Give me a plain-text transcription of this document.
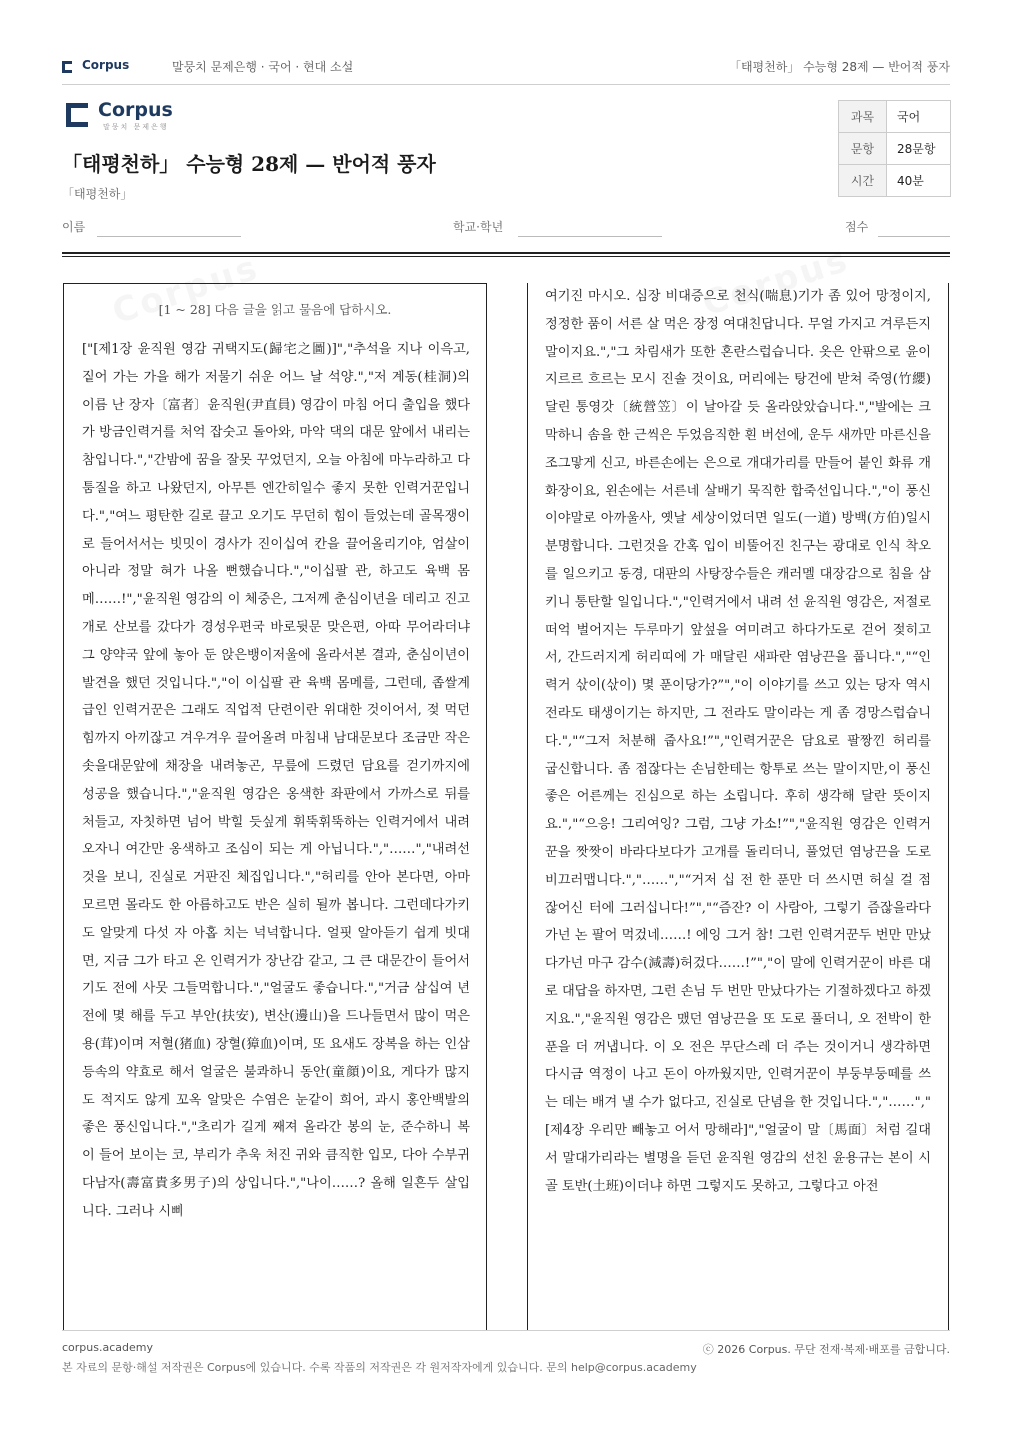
Corpus	말뭉치 문제은행 · 국어 · 현대 소설	「태평천하」 수능형 28제 — 반어적 풍자
Corpus
말뭉치 문제은행
「태평천하」 수능형 28제 — 반어적 풍자
「태평천하」
과목	국어
문항	28문항
시간	40분
이름	학교·학년	점수
[1 ~ 28] 다음 글을 읽고 물음에 답하시오.
["[제1장 윤직원 영감 귀택지도(歸宅之圖)]","추석을 지나 이윽고, 짙어 가는 가을 해가 저물기 쉬운 어느 날 석양.","저 계동(桂洞)의 이름 난 장자〔富者〕윤직원(尹直員) 영감이 마침 어디 출입을 했다가 방금인력거를 처억 잡숫고 돌아와, 마악 댁의 대문 앞에서 내리는 참입니다.","간밤에 꿈을 잘못 꾸었던지, 오늘 아침에 마누라하고 다툼질을 하고 나왔던지, 아무튼 엔간히일수 좋지 못한 인력거꾼입니다.","여느 평탄한 길로 끌고 오기도 무던히 힘이 들었는데 골목쟁이로 들어서서는 빗밋이 경사가 진이십여 칸을 끌어올리기야, 엄살이 아니라 정말 혀가 나올 뻔했습니다.","이십팔 관, 하고도 육백 몸메……!","윤직원 영감의 이 체중은, 그저께 춘심이년을 데리고 진고개로 산보를 갔다가 경성우편국 바로뒷문 맞은편, 아따 무어라더냐 그 양약국 앞에 놓아 둔 앉은뱅이저울에 올라서본 결과, 춘심이년이 발견을 했던 것입니다.","이 이십팔 관 육백 몸메를, 그런데, 좁쌀계급인 인력거꾼은 그래도 직업적 단련이란 위대한 것이어서, 젖 먹던 힘까지 아끼잖고 겨우겨우 끌어올려 마침내 남대문보다 조금만 작은 솟을대문앞에 채장을 내려놓곤, 무릎에 드렸던 담요를 걷기까지에 성공을 했습니다.","윤직원 영감은 옹색한 좌판에서 가까스로 뒤를 처들고, 자칫하면 넘어 박힐 듯싶게 휘뚝휘뚝하는 인력거에서 내려오자니 여간만 옹색하고 조심이 되는 게 아닙니다.","……","내려선 것을 보니, 진실로 거판진 체집입니다.","허리를 안아 본다면, 아마 모르면 몰라도 한 아름하고도 반은 실히 될까 봅니다. 그런데다가키도 알맞게 다섯 자 아홉 치는 넉넉합니다. 얼핏 알아듣기 쉽게 빗대면, 지금 그가 타고 온 인력거가 장난감 같고, 그 큰 대문간이 들어서기도 전에 사뭇 그들먹합니다.","얼굴도 좋습니다.","거금 삼십여 년 전에 몇 해를 두고 부안(扶安), 변산(邊山)을 드나들면서 많이 먹은 용(茸)이며 저혈(猪血) 장혈(獐血)이며, 또 요새도 장복을 하는 인삼 등속의 약효로 해서 얼굴은 불콰하니 동안(童顔)이요, 게다가 많지도 적지도 않게 꼬옥 알맞은 수염은 눈같이 희어, 과시 홍안백발의 좋은 풍신입니다.","초리가 길게 째져 올라간 봉의 눈, 준수하니 복이 들어 보이는 코, 부리가 추욱 처진 귀와 큼직한 입모, 다아 수부귀다남자(壽富貴多男子)의 상입니다.","나이……? 올해 일흔두 살입니다. 그러나 시삐
여기진 마시오. 심장 비대증으로 천식(喘息)기가 좀 있어 망정이지, 정정한 품이 서른 살 먹은 장정 여대친답니다. 무얼 가지고 겨루든지 말이지요.","그 차림새가 또한 혼란스럽습니다. 옷은 안팎으로 윤이 지르르 흐르는 모시 진솔 것이요, 머리에는 탕건에 받쳐 죽영(竹纓) 달린 통영갓〔統營笠〕이 날아갈 듯 올라앉았습니다.","발에는 크막하니 솜을 한 근씩은 두었음직한 흰 버선에, 운두 새까만 마른신을 조그맣게 신고, 바른손에는 은으로 개대가리를 만들어 붙인 화류 개화장이요, 왼손에는 서른네 살배기 묵직한 합죽선입니다.","이 풍신 이야말로 아까울사, 옛날 세상이었더면 일도(一道) 방백(方伯)일시 분명합니다. 그런것을 간혹 입이 비뚤어진 친구는 광대로 인식 착오를 일으키고 동경, 대판의 사탕장수들은 캐러멜 대장감으로 침을 삼키니 통탄할 일입니다.","인력거에서 내려 선 윤직원 영감은, 저절로 떠억 벌어지는 두루마기 앞섶을 여미려고 하다가도로 걷어 젖히고서, 간드러지게 허리띠에 가 매달린 새파란 염낭끈을 풉니다.","“인력거 삯이(삯이) 몇 푼이당가?”","이 이야기를 쓰고 있는 당자 역시 전라도 태생이기는 하지만, 그 전라도 말이라는 게 좀 경망스럽습니다.","“그저 처분해 줍사요!”","인력거꾼은 담요로 팔짱낀 허리를 굽신합니다. 좀 점잖다는 손님한테는 항투로 쓰는 말이지만,이 풍신 좋은 어른께는 진심으로 하는 소립니다. 후히 생각해 달란 뜻이지요.","“으응! 그리여잉? 그럼, 그냥 가소!”","윤직원 영감은 인력거꾼을 짯짯이 바라다보다가 고개를 돌리더니, 풀었던 염낭끈을 도로 비끄러맵니다.","……","“거저 십 전 한 푼만 더 쓰시면 허실 걸 점잖어신 터에 그러십니다!”","“즘잔? 이 사람아, 그렇기 즘잖을라다가넌 논 팔어 먹겄네……! 에잉 그거 참! 그런 인력거꾼두 번만 만났다가넌 마구 감수(減壽)허겄다……!”","이 말에 인력거꾼이 바른 대로 대답을 하자면, 그런 손님 두 번만 만났다가는 기절하겠다고 하겠지요.","윤직원 영감은 맸던 염낭끈을 또 도로 풀더니, 오 전박이 한 푼을 더 꺼냅니다. 이 오 전은 무단스레 더 주는 것이거니 생각하면 다시금 역정이 나고 돈이 아까웠지만, 인력거꾼이 부둥부둥떼를 쓰는 데는 배겨 낼 수가 없다고, 진실로 단념을 한 것입니다.","……","[제4장 우리만 빼놓고 어서 망해라]","얼굴이 말〔馬面〕처럼 길대서 말대가리라는 별명을 듣던 윤직원 영감의 선친 윤용규는 본이 시골 토반(土班)이더냐 하면 그렇지도 못하고, 그렇다고 아전
corpus.academy	ⓒ 2026 Corpus. 무단 전재·복제·배포를 금합니다.
본 자료의 문항·해설 저작권은 Corpus에 있습니다. 수록 작품의 저작권은 각 원저작자에게 있습니다. 문의 help@corpus.academy
